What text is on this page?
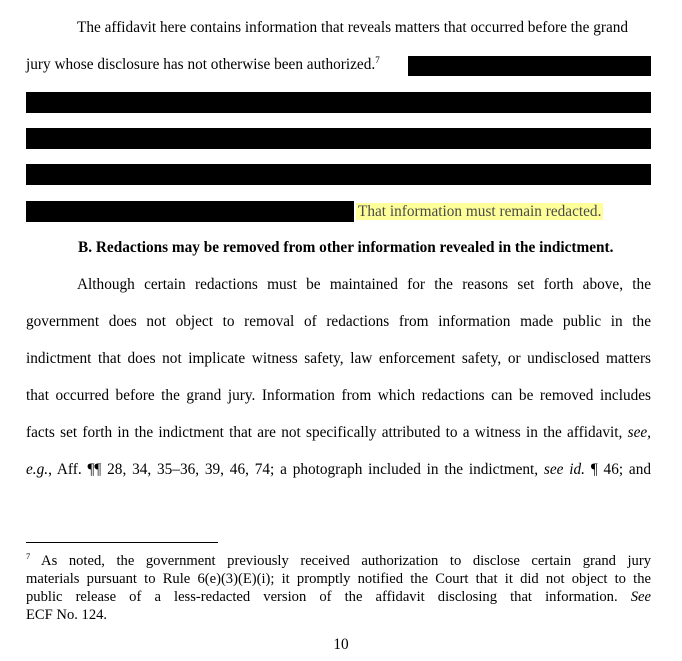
The affidavit here contains information that reveals matters that occurred before the grand
jury whose disclosure has not otherwise been authorized.$^7$
That information must remain redacted.
B. Redactions may be removed from other information revealed in the indictment.
Although certain redactions must be maintained for the reasons set forth above, the
government does not object to removal of redactions from information made public in the
indictment that does not implicate witness safety, law enforcement safety, or undisclosed matters
that occurred before the grand jury. Information from which redactions can be removed includes
facts set forth in the indictment that are not specifically attributed to a witness in the affidavit, see,
e.g., Aff. ¶¶ 28, 34, 35–36, 39, 46, 74; a photograph included in the indictment, see id. ¶ 46; and
$^7$ As noted, the government previously received authorization to disclose certain grand jury
materials pursuant to Rule 6(e)(3)(E)(i); it promptly notified the Court that it did not object to the
public release of a less-redacted version of the affidavit disclosing that information. See
ECF No. 124.
10
